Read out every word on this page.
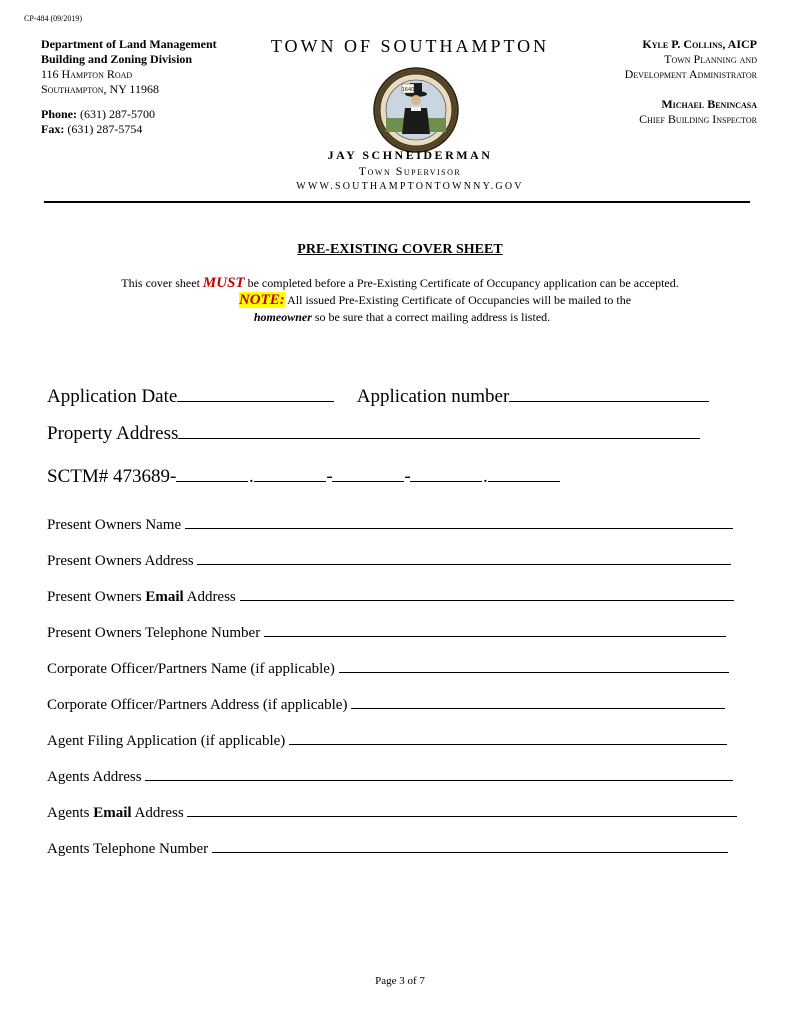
CP-484 (09/2019)
Department of Land Management
Building and Zoning Division
116 Hampton Road
Southampton, NY 11968
Phone: (631) 287-5700
Fax: (631) 287-5754
TOWN OF SOUTHAMPTON
1640
JAY SCHNEIDERMAN
Town Supervisor
WWW.SOUTHAMPTONTOWNNY.GOV
Kyle P. Collins, AICP
Town Planning and
Development Administrator
Michael Benincasa
Chief Building Inspector
PRE-EXISTING COVER SHEET
This cover sheet MUST be completed before a Pre-Existing Certificate of Occupancy application can be accepted.
NOTE: All issued Pre-Existing Certificate of Occupancies will be mailed to the
homeowner so be sure that a correct mailing address is listed.
Application Date	Application number
Property Address
SCTM# 473689-	.	-	-	.
Present Owners Name
Present Owners Address
Present Owners Email Address
Present Owners Telephone Number
Corporate Officer/Partners Name (if applicable)
Corporate Officer/Partners Address (if applicable)
Agent Filing Application (if applicable)
Agents Address
Agents Email Address
Agents Telephone Number
Page 3 of 7
